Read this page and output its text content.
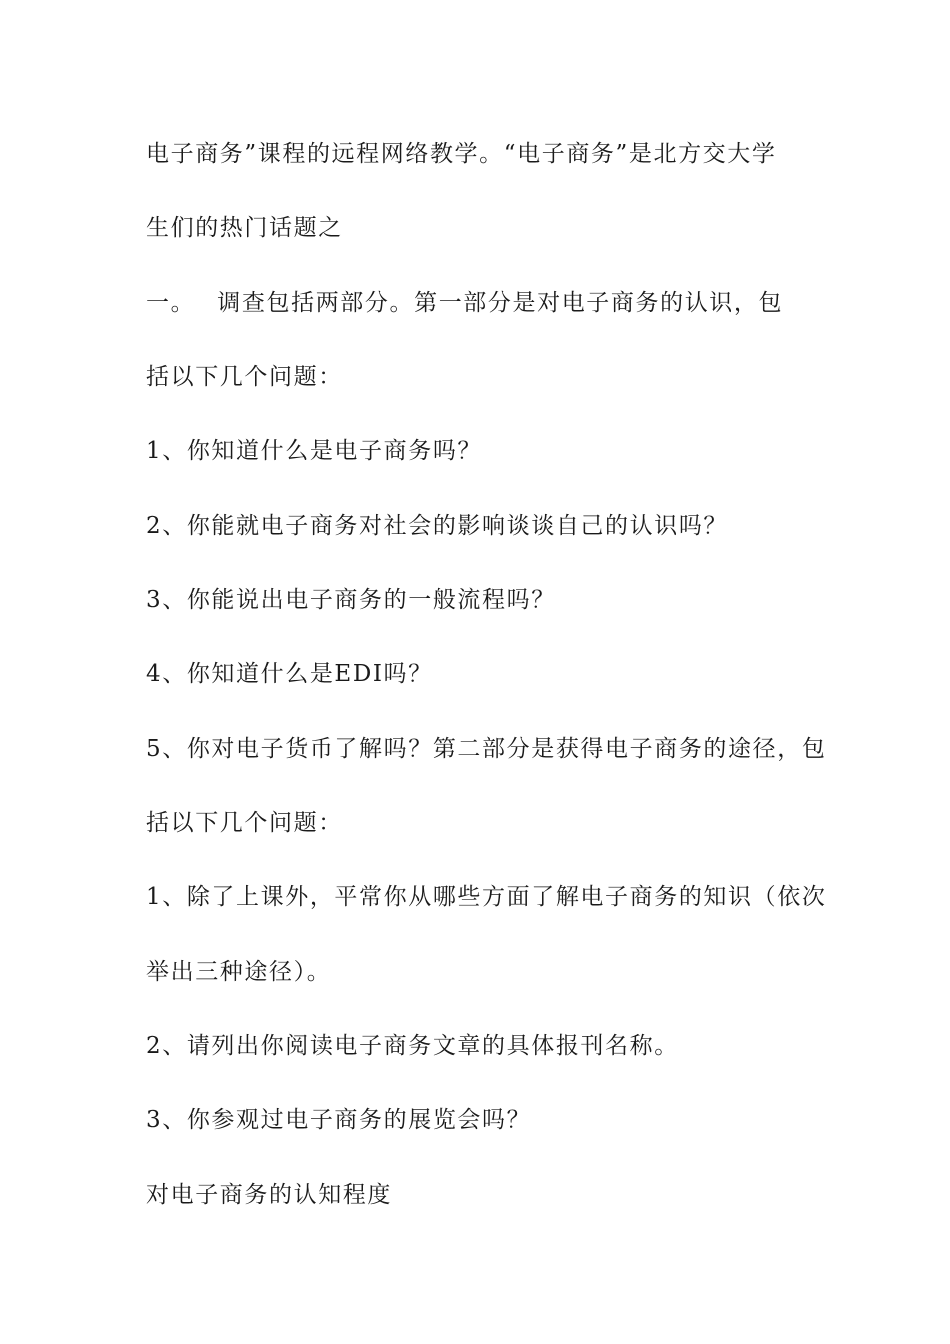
电子商务”课程的远程网络教学。“电子商务”是北方交大学
生们的热门话题之
一。	调查包括两部分。第一部分是对电子商务的认识，包
括以下几个问题：
1、你知道什么是电子商务吗？
2、你能就电子商务对社会的影响谈谈自己的认识吗？
3、你能说出电子商务的一般流程吗？
4、你知道什么是EDI吗？
5、你对电子货币了解吗？第二部分是获得电子商务的途径，包
括以下几个问题：
1、除了上课外，平常你从哪些方面了解电子商务的知识（依次
举出三种途径）。
2、请列出你阅读电子商务文章的具体报刊名称。
3、你参观过电子商务的展览会吗？
对电子商务的认知程度
